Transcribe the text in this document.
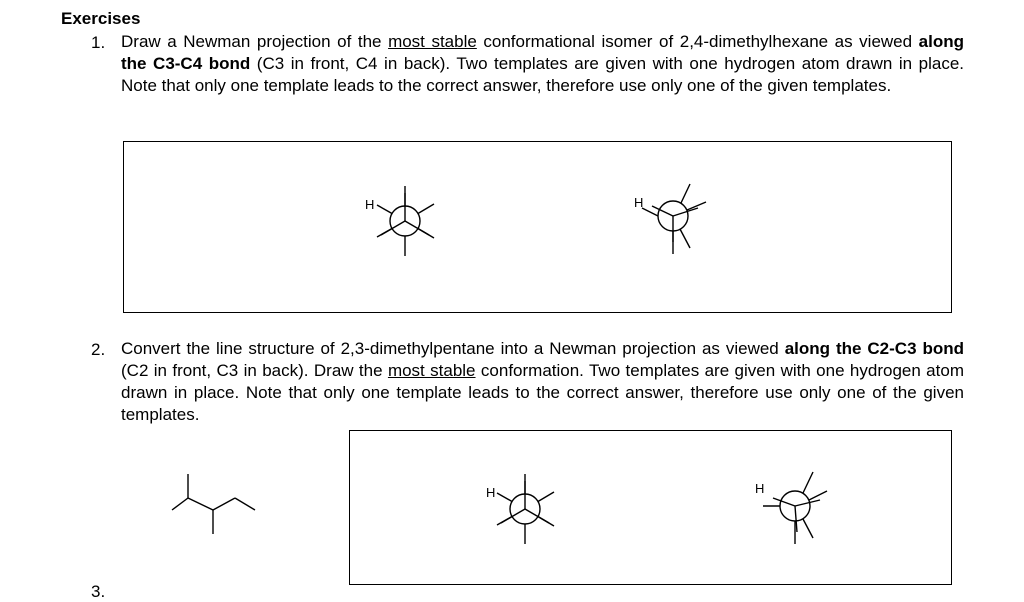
Exercises
1. Draw a Newman projection of the most stable conformational isomer of 2,4-dimethylhexane as viewed along the C3-C4 bond (C3 in front, C4 in back). Two templates are given with one hydrogen atom drawn in place. Note that only one template leads to the correct answer, therefore use only one of the given templates.
H	H
2. Convert the line structure of 2,3-dimethylpentane into a Newman projection as viewed along the C2-C3 bond (C2 in front, C3 in back). Draw the most stable conformation. Two templates are given with one hydrogen atom drawn in place. Note that only one template leads to the correct answer, therefore use only one of the given templates.
H	H
3.
